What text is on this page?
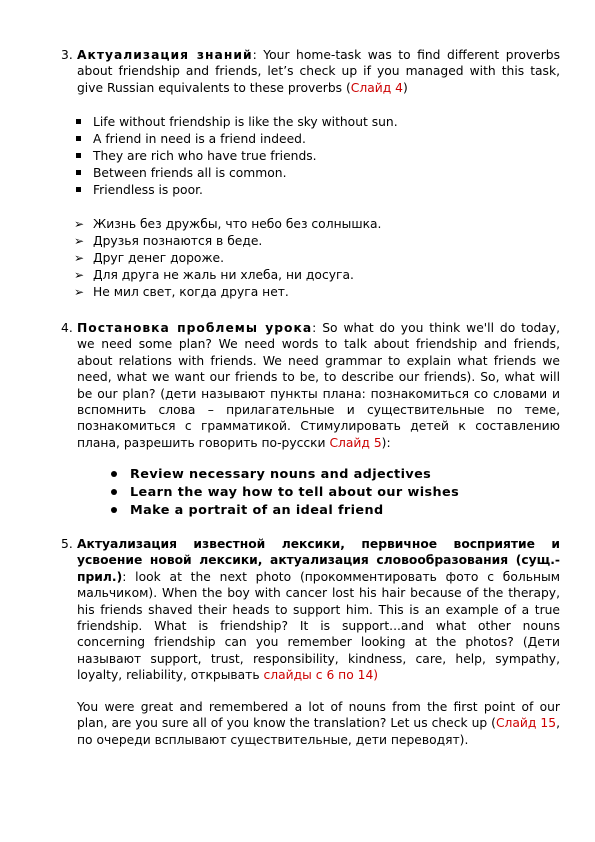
3. Актуализация знаний: Your home-task was to find different proverbs about friendship and friends, let’s check up if you managed with this task, give Russian equivalents to these proverbs (Слайд 4)
Life without friendship is like the sky without sun.
A friend in need is a friend indeed.
They are rich who have true friends.
Between friends all is common.
Friendless is poor.
➢ Жизнь без дружбы, что небо без солнышка.
➢ Друзья познаются в беде.
➢ Друг денег дороже.
➢ Для друга не жаль ни хлеба, ни досуга.
➢ Не мил свет, когда друга нет.
4. Постановка проблемы урока: So what do you think we'll do today, we need some plan? We need words to talk about friendship and friends, about relations with friends. We need grammar to explain what friends we need, what we want our friends to be, to describe our friends). So, what will be our plan? (дети называют пункты плана: познакомиться со словами и вспомнить слова – прилагательные и существительные по теме, познакомиться с грамматикой. Стимулировать детей к составлению плана, разрешить говорить по-русски Слайд 5):
Review necessary nouns and adjectives
Learn the way how to tell about our wishes
Make a portrait of an ideal friend
5. Актуализация известной лексики, первичное восприятие и усвоение новой лексики, актуализация словообразования (сущ.-прил.): look at the next photo (прокомментировать фото с больным мальчиком). When the boy with cancer lost his hair because of the therapy, his friends shaved their heads to support him. This is an example of a true friendship. What is friendship? It is support...and what other nouns concerning friendship can you remember looking at the photos? (Дети называют support, trust, responsibility, kindness, care, help, sympathy, loyalty, reliability, открывать слайды с 6 по 14)
You were great and remembered a lot of nouns from the first point of our plan, are you sure all of you know the translation? Let us check up (Слайд 15, по очереди всплывают существительные, дети переводят).
